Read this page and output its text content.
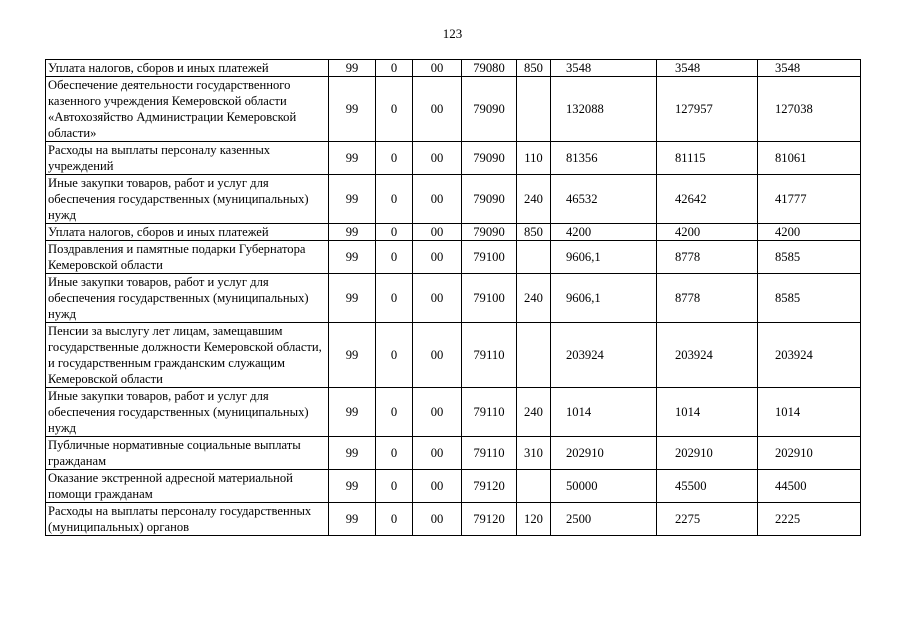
123
Уплата налогов, сборов и иных платежей	99	0	00	79080	850	3548	3548	3548
Обеспечение деятельности государственного казенного учреждения Кемеровской области «Автохозяйство Администрации Кемеровской области»	99	0	00	79090		132088	127957	127038
Расходы на выплаты персоналу казенных учреждений	99	0	00	79090	110	81356	81115	81061
Иные закупки товаров, работ и услуг для обеспечения государственных (муниципальных) нужд	99	0	00	79090	240	46532	42642	41777
Уплата налогов, сборов и иных платежей	99	0	00	79090	850	4200	4200	4200
Поздравления и памятные подарки Губернатора Кемеровской области	99	0	00	79100		9606,1	8778	8585
Иные закупки товаров, работ и услуг для обеспечения государственных (муниципальных) нужд	99	0	00	79100	240	9606,1	8778	8585
Пенсии за выслугу лет лицам, замещавшим государственные должности Кемеровской области, и государственным гражданским служащим Кемеровской области	99	0	00	79110		203924	203924	203924
Иные закупки товаров, работ и услуг для обеспечения государственных (муниципальных) нужд	99	0	00	79110	240	1014	1014	1014
Публичные нормативные социальные выплаты гражданам	99	0	00	79110	310	202910	202910	202910
Оказание экстренной адресной материальной помощи гражданам	99	0	00	79120		50000	45500	44500
Расходы на выплаты персоналу государственных (муниципальных) органов	99	0	00	79120	120	2500	2275	2225
